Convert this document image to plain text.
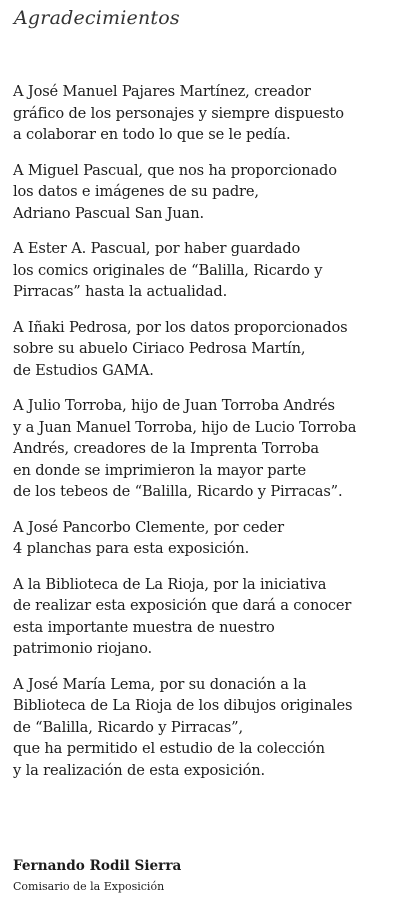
Agradecimientos

A José Manuel Pajares Martínez, creador
gráfico de los personajes y siempre dispuesto
a colaborar en todo lo que se le pedía.

A Miguel Pascual, que nos ha proporcionado
los datos e imágenes de su padre,
Adriano Pascual San Juan.

A Ester A. Pascual, por haber guardado
los comics originales de “Balilla, Ricardo y
Pirracas” hasta la actualidad.

A Iñaki Pedrosa, por los datos proporcionados
sobre su abuelo Ciriaco Pedrosa Martín,
de Estudios GAMA.

A Julio Torroba, hijo de Juan Torroba Andrés
y a Juan Manuel Torroba, hijo de Lucio Torroba
Andrés, creadores de la Imprenta Torroba
en donde se imprimieron la mayor parte
de los tebeos de “Balilla, Ricardo y Pirracas”.

A José Pancorbo Clemente, por ceder
4 planchas para esta exposición.

A la Biblioteca de La Rioja, por la iniciativa
de realizar esta exposición que dará a conocer
esta importante muestra de nuestro
patrimonio riojano.

A José María Lema, por su donación a la
Biblioteca de La Rioja de los dibujos originales
de “Balilla, Ricardo y Pirracas”,
que ha permitido el estudio de la colección
y la realización de esta exposición.

Fernando Rodil Sierra

Comisario de la Exposición
